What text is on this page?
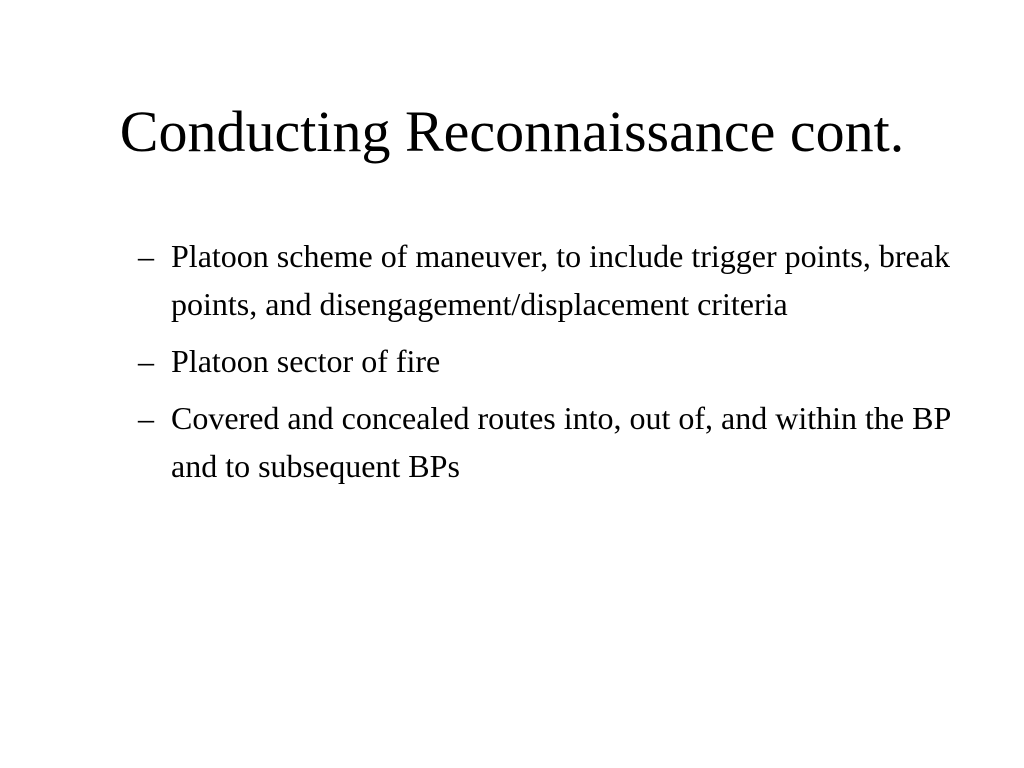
Conducting Reconnaissance cont.
– Platoon scheme of maneuver, to include trigger points, break points, and disengagement/displacement criteria
– Platoon sector of fire
– Covered and concealed routes into, out of, and within the BP and to subsequent BPs
